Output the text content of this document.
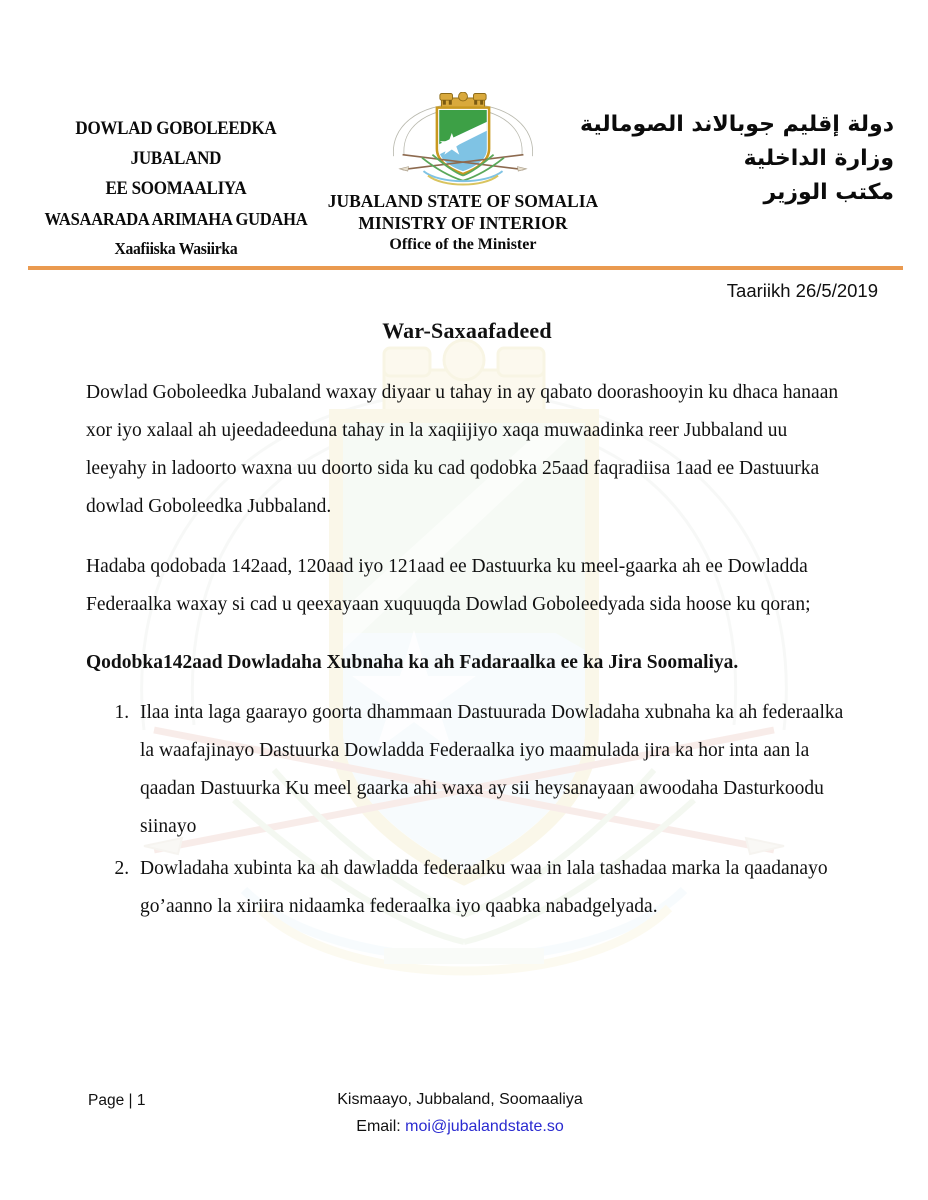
DOWLAD GOBOLEEDKA JUBALAND
EE SOOMAALIYA
WASAARADA ARIMAHA GUDAHA
Xaafiiska Wasiirka
JUBALAND STATE OF SOMALIA
MINISTRY OF INTERIOR
Office of the Minister
دولة إقليم جوبالاند الصومالية
وزارة الداخلية
مكتب الوزير
Taariikh 26/5/2019
War-Saxaafadeed

Dowlad Goboleedka Jubaland waxay diyaar u tahay in ay qabato doorashooyin ku dhaca hanaan xor iyo xalaal ah ujeedadeeduna tahay in la xaqiijiyo xaqa muwaadinka reer Jubbaland uu leeyahy in ladoorto waxna uu doorto sida ku cad qodobka 25aad faqradiisa 1aad ee Dastuurka dowlad Goboleedka Jubbaland.

Hadaba qodobada 142aad, 120aad iyo 121aad ee Dastuurka ku meel-gaarka ah ee Dowladda Federaalka waxay si cad u qeexayaan xuquuqda Dowlad Goboleedyada sida hoose ku qoran;

Qodobka142aad Dowladaha Xubnaha ka ah Fadaraalka ee ka Jira Soomaliya.

1. Ilaa inta laga gaarayo goorta dhammaan Dastuurada Dowladaha xubnaha ka ah federaalka la waafajinayo Dastuurka Dowladda Federaalka iyo maamulada jira ka hor inta aan la qaadan Dastuurka Ku meel gaarka ahi waxa ay sii heysanayaan awoodaha Dasturkoodu siinayo
2. Dowladaha xubinta ka ah dawladda federaalku waa in lala tashadaa marka la qaadanayo go’aanno la xiriira nidaamka federaalka iyo qaabka nabadgelyada.
Page | 1	Kismaayo, Jubbaland, Soomaaliya
Email: moi@jubalandstate.so
